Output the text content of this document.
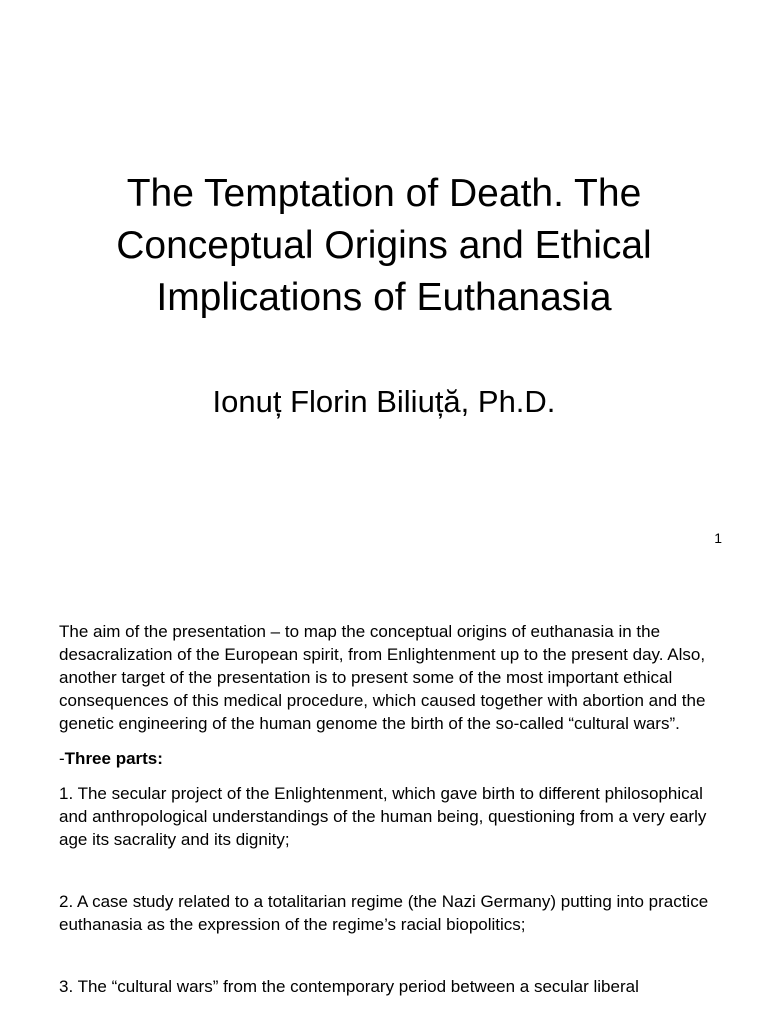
The Temptation of Death. The Conceptual Origins and Ethical Implications of Euthanasia

Ionuț Florin Biliuță, Ph.D.

1

The aim of the presentation – to map the conceptual origins of euthanasia in the desacralization of the European spirit, from Enlightenment up to the present day. Also, another target of the presentation is to present some of the most important ethical consequences of this medical procedure, which caused together with abortion and the genetic engineering of the human genome the birth of the so-called “cultural wars”.

-Three parts:

1. The secular project of the Enlightenment, which gave birth to different philosophical and anthropological understandings of the human being, questioning from a very early age its sacrality and its dignity;

2. A case study related to a totalitarian regime (the Nazi Germany) putting into practice euthanasia as the expression of the regime’s racial biopolitics;

3. The “cultural wars” from the contemporary period between a secular liberal
